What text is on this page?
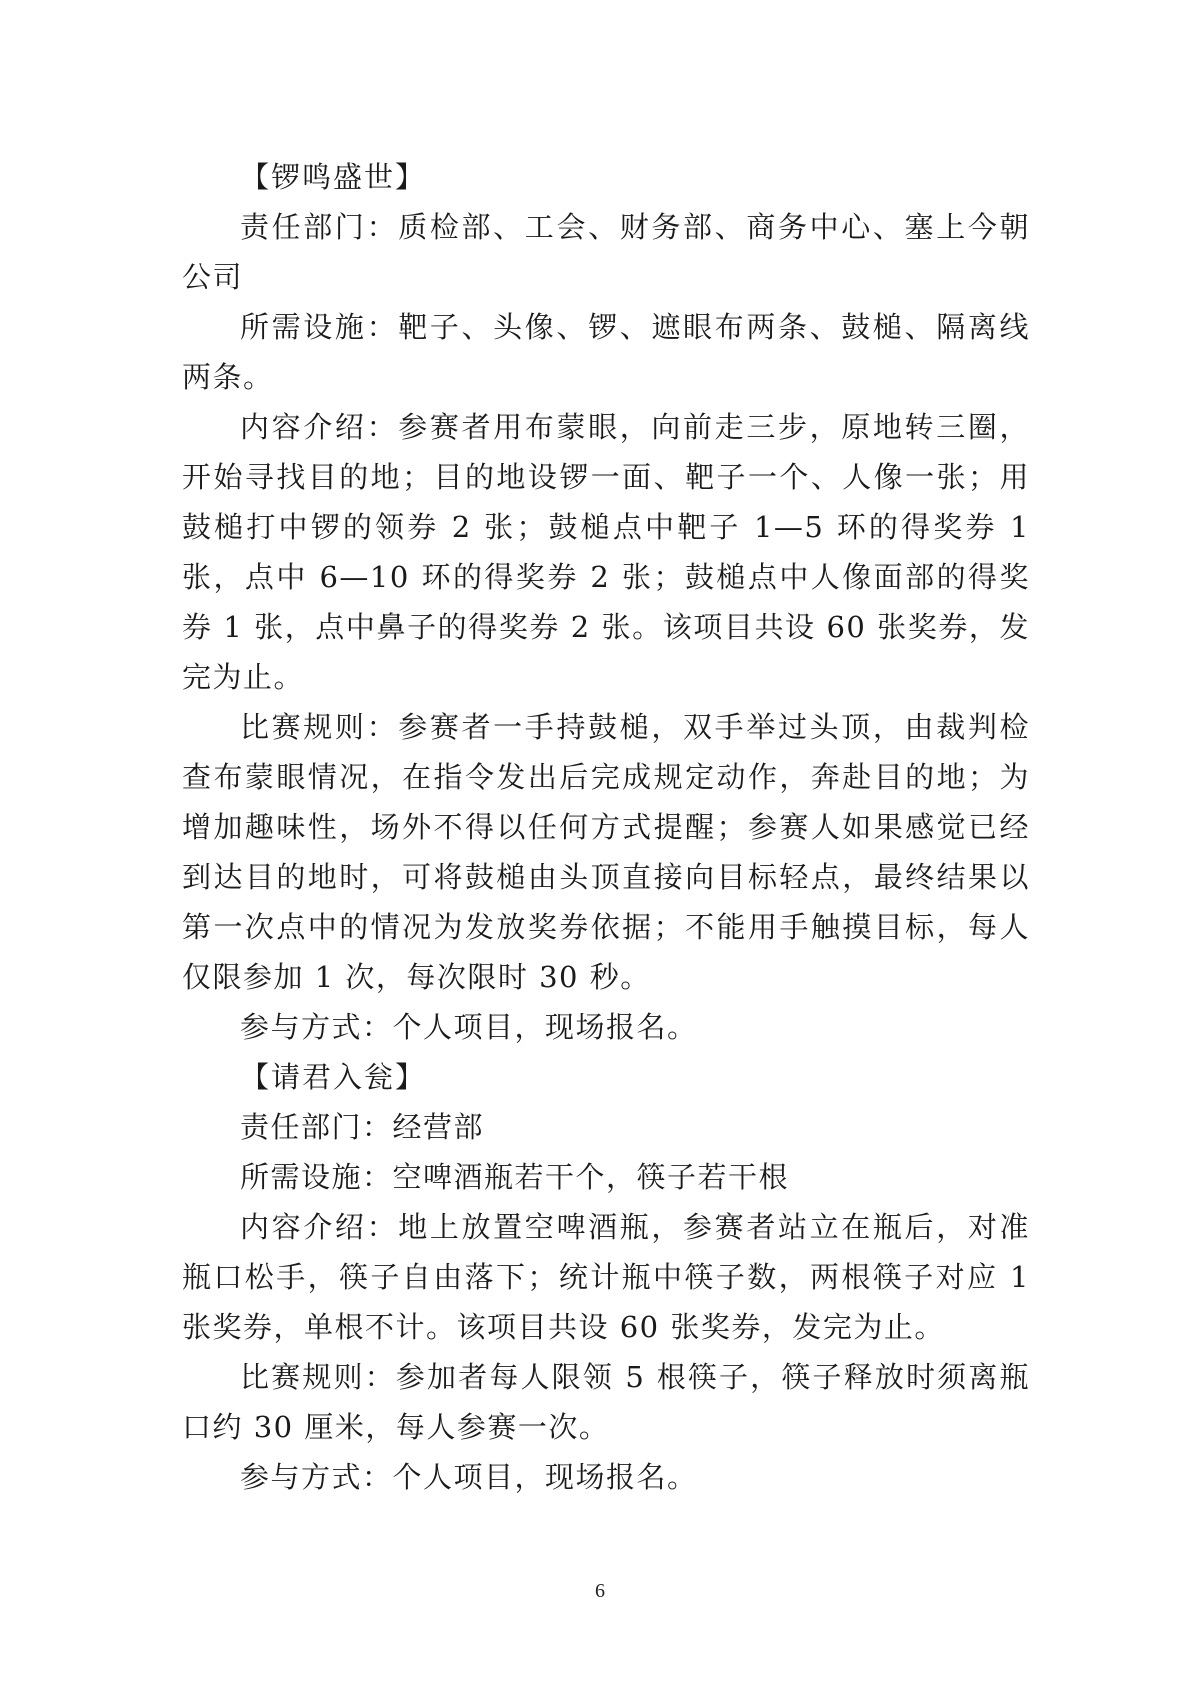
【锣鸣盛世】

责任部门：质检部、工会、财务部、商务中心、塞上今朝公司

所需设施：靶子、头像、锣、遮眼布两条、鼓槌、隔离线两条。

内容介绍：参赛者用布蒙眼，向前走三步，原地转三圈，开始寻找目的地；目的地设锣一面、靶子一个、人像一张；用鼓槌打中锣的领券 2 张；鼓槌点中靶子 1—5 环的得奖券 1 张，点中 6—10 环的得奖券 2 张；鼓槌点中人像面部的得奖券 1 张，点中鼻子的得奖券 2 张。该项目共设 60 张奖券，发完为止。

比赛规则：参赛者一手持鼓槌，双手举过头顶，由裁判检查布蒙眼情况，在指令发出后完成规定动作，奔赴目的地；为增加趣味性，场外不得以任何方式提醒；参赛人如果感觉已经到达目的地时，可将鼓槌由头顶直接向目标轻点，最终结果以第一次点中的情况为发放奖券依据；不能用手触摸目标，每人仅限参加 1 次，每次限时 30 秒。

参与方式：个人项目，现场报名。

【请君入瓮】

责任部门：经营部

所需设施：空啤酒瓶若干个，筷子若干根

内容介绍：地上放置空啤酒瓶，参赛者站立在瓶后，对准瓶口松手，筷子自由落下；统计瓶中筷子数，两根筷子对应 1 张奖券，单根不计。该项目共设 60 张奖券，发完为止。

比赛规则：参加者每人限领 5 根筷子，筷子释放时须离瓶口约 30 厘米，每人参赛一次。

参与方式：个人项目，现场报名。

6
